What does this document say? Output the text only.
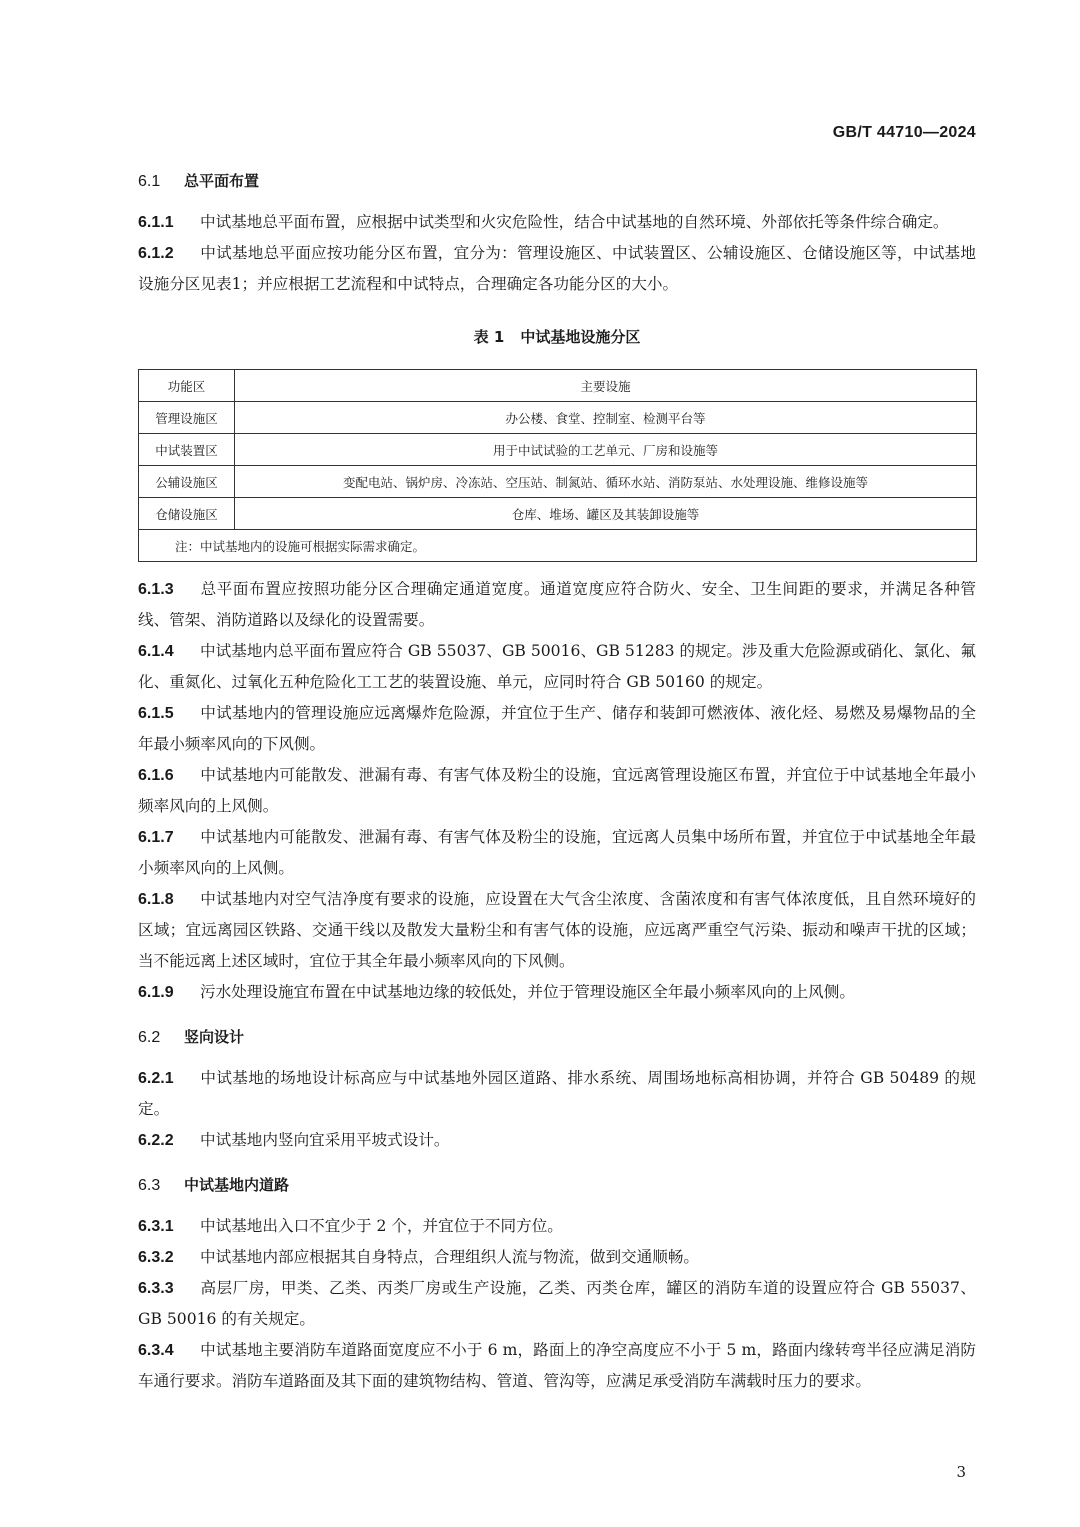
GB/T 44710—2024

6.1 总平面布置

6.1.1 中试基地总平面布置，应根据中试类型和火灾危险性，结合中试基地的自然环境、外部依托等条件综合确定。

6.1.2 中试基地总平面应按功能分区布置，宜分为：管理设施区、中试装置区、公辅设施区、仓储设施区等，中试基地设施分区见表1；并应根据工艺流程和中试特点，合理确定各功能分区的大小。

表 1 中试基地设施分区
功能区	主要设施
管理设施区	办公楼、食堂、控制室、检测平台等
中试装置区	用于中试试验的工艺单元、厂房和设施等
公辅设施区	变配电站、锅炉房、冷冻站、空压站、制氮站、循环水站、消防泵站、水处理设施、维修设施等
仓储设施区	仓库、堆场、罐区及其装卸设施等
注：中试基地内的设施可根据实际需求确定。	

6.1.3 总平面布置应按照功能分区合理确定通道宽度。通道宽度应符合防火、安全、卫生间距的要求，并满足各种管线、管架、消防道路以及绿化的设置需要。

6.1.4 中试基地内总平面布置应符合 GB 55037、GB 50016、GB 51283 的规定。涉及重大危险源或硝化、氯化、氟化、重氮化、过氧化五种危险化工工艺的装置设施、单元，应同时符合 GB 50160 的规定。

6.1.5 中试基地内的管理设施应远离爆炸危险源，并宜位于生产、储存和装卸可燃液体、液化烃、易燃及易爆物品的全年最小频率风向的下风侧。

6.1.6 中试基地内可能散发、泄漏有毒、有害气体及粉尘的设施，宜远离管理设施区布置，并宜位于中试基地全年最小频率风向的上风侧。

6.1.7 中试基地内可能散发、泄漏有毒、有害气体及粉尘的设施，宜远离人员集中场所布置，并宜位于中试基地全年最小频率风向的上风侧。

6.1.8 中试基地内对空气洁净度有要求的设施，应设置在大气含尘浓度、含菌浓度和有害气体浓度低，且自然环境好的区域；宜远离园区铁路、交通干线以及散发大量粉尘和有害气体的设施，应远离严重空气污染、振动和噪声干扰的区域；当不能远离上述区域时，宜位于其全年最小频率风向的下风侧。

6.1.9 污水处理设施宜布置在中试基地边缘的较低处，并位于管理设施区全年最小频率风向的上风侧。

6.2 竖向设计

6.2.1 中试基地的场地设计标高应与中试基地外园区道路、排水系统、周围场地标高相协调，并符合 GB 50489 的规定。

6.2.2 中试基地内竖向宜采用平坡式设计。

6.3 中试基地内道路

6.3.1 中试基地出入口不宜少于 2 个，并宜位于不同方位。

6.3.2 中试基地内部应根据其自身特点，合理组织人流与物流，做到交通顺畅。

6.3.3 高层厂房，甲类、乙类、丙类厂房或生产设施，乙类、丙类仓库，罐区的消防车道的设置应符合 GB 55037、 GB 50016 的有关规定。

6.3.4 中试基地主要消防车道路面宽度应不小于 6 m，路面上的净空高度应不小于 5 m，路面内缘转弯半径应满足消防车通行要求。消防车道路面及其下面的建筑物结构、管道、管沟等，应满足承受消防车满载时压力的要求。

3
